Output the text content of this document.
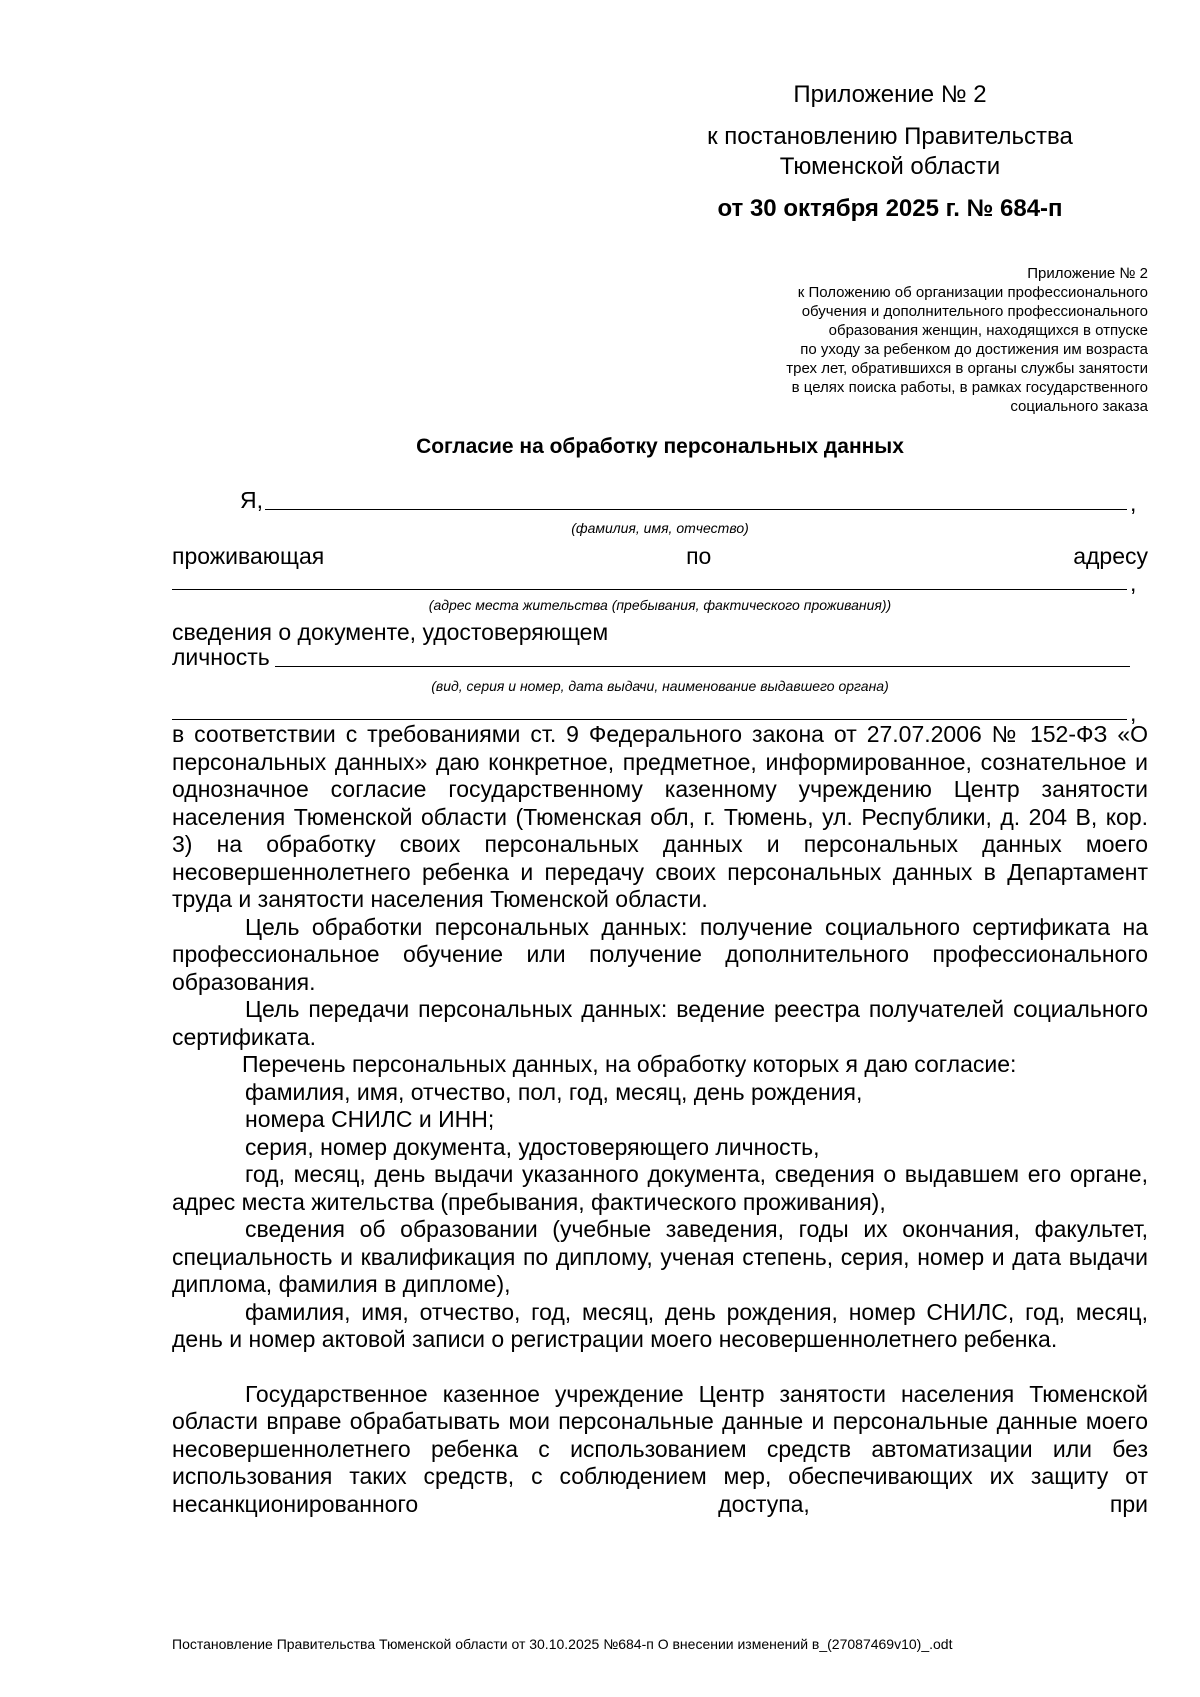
Приложение № 2
к постановлению Правительства
Тюменской области
от 30 октября 2025 г. № 684-п
Приложение № 2
к Положению об организации профессионального
обучения и дополнительного профессионального
образования женщин, находящихся в отпуске
по уходу за ребенком до достижения им возраста
трех лет, обратившихся в органы службы занятости
в целях поиска работы, в рамках государственного
социального заказа
Согласие на обработку персональных данных
Я,	,
(фамилия, имя, отчество)
проживающая	по	адресу
,
(адрес места жительства (пребывания, фактического проживания))
сведения о документе, удостоверяющем
личность
(вид, серия и номер, дата выдачи, наименование выдавшего органа)
,

в соответствии с требованиями ст. 9 Федерального закона от 27.07.2006 № 152-ФЗ «О персональных данных» даю конкретное, предметное, информированное, сознательное и однозначное согласие государственному казенному учреждению Центр занятости населения Тюменской области (Тюменская обл, г. Тюмень, ул. Республики, д. 204 В, кор. 3) на обработку своих персональных данных и персональных данных моего несовершеннолетнего ребенка и передачу своих персональных данных в Департамент труда и занятости населения Тюменской области.

Цель обработки персональных данных: получение социального сертификата на профессиональное обучение или получение дополнительного профессионального образования.

Цель передачи персональных данных: ведение реестра получателей социального сертификата.

Перечень персональных данных, на обработку которых я даю согласие:

фамилия, имя, отчество, пол, год, месяц, день рождения,

номера СНИЛС и ИНН;

серия, номер документа, удостоверяющего личность,

год, месяц, день выдачи указанного документа, сведения о выдавшем его органе, адрес места жительства (пребывания, фактического проживания),

сведения об образовании (учебные заведения, годы их окончания, факультет, специальность и квалификация по диплому, ученая степень, серия, номер и дата выдачи диплома, фамилия в дипломе),

фамилия, имя, отчество, год, месяц, день рождения, номер СНИЛС, год, месяц, день и номер актовой записи о регистрации моего несовершеннолетнего ребенка.

Государственное казенное учреждение Центр занятости населения Тюменской области вправе обрабатывать мои персональные данные и персональные данные моего несовершеннолетнего ребенка с использованием средств автоматизации или без использования таких средств, с соблюдением мер, обеспечивающих их защиту от несанкционированного доступа, при

Постановление Правительства Тюменской области от 30.10.2025 №684-п О внесении изменений в_(27087469v10)_.odt
